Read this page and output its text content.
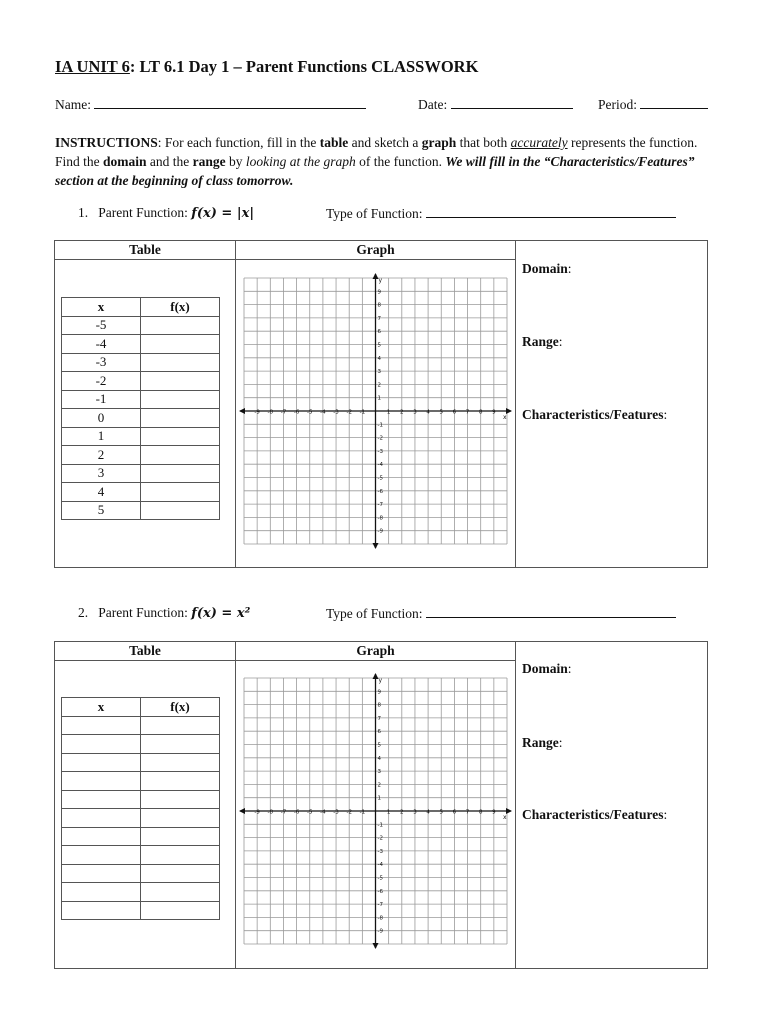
IA UNIT 6: LT 6.1 Day 1 – Parent Functions CLASSWORK
Name:	Date:	Period:
INSTRUCTIONS: For each function, fill in the table and sketch a graph that both accurately represents the function. Find the domain and the range by looking at the graph of the function. We will fill in the “Characteristics/Features” section at the beginning of class tomorrow.
1. Parent Function: f(x) = |x|	Type of Function:
Table	Graph
x	f(x)
-5	
-4	
-3	
-2	
-1	
0	
1	
2	
3	
4	
5	
-9 -8 -7 -6 -5 -4 -3 -2 -1	1 2 3 4 5 6 7 8 9
9
8
7
6
5
4
3
2
1
-1
-2
-3
-4
-5
-6
-7
-8
-9
x
y
Domain:
Range:
Characteristics/Features:
2. Parent Function: f(x) = x²	Type of Function:
Table	Graph
x	f(x)

-9 -8 -7 -6 -5 -4 -3 -2 -1	1 2 3 4 5 6 7 8 9
9
8
7
6
5
4
3
2
1
-1
-2
-3
-4
-5
-6
-7
-8
-9
x
y
Domain:
Range:
Characteristics/Features:
